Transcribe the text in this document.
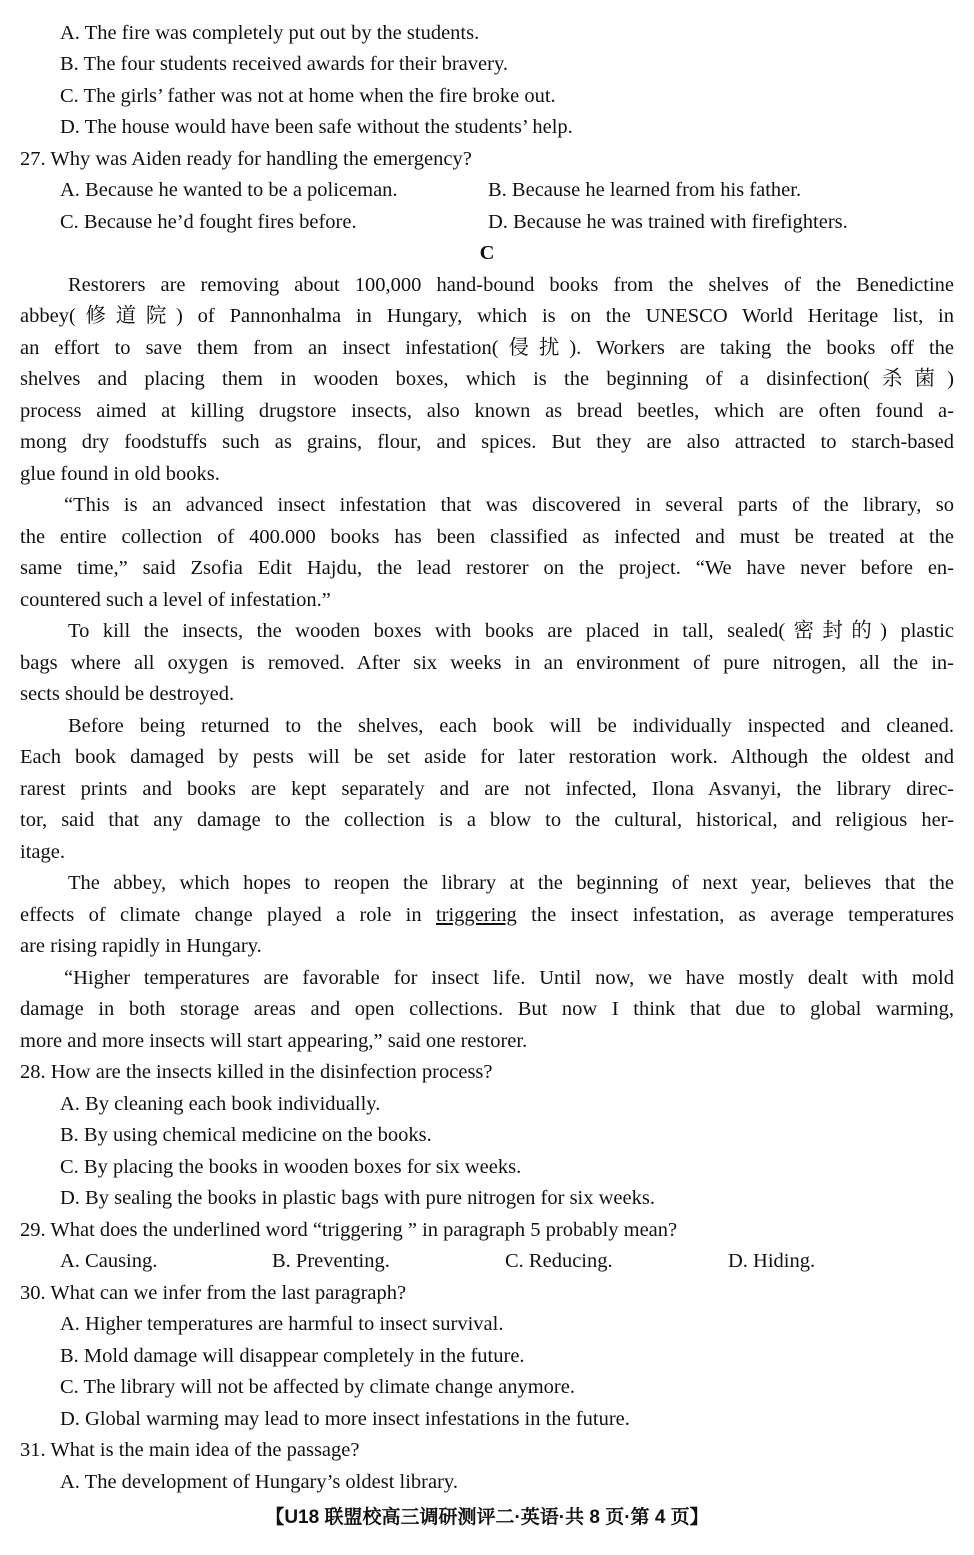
A. The fire was completely put out by the students.
B. The four students received awards for their bravery.
C. The girls’ father was not at home when the fire broke out.
D. The house would have been safe without the students’ help.
27. Why was Aiden ready for handling the emergency?
A. Because he wanted to be a policeman.	B. Because he learned from his father.
C. Because he’d fought fires before.	D. Because he was trained with firefighters.
C
Restorers are removing about 100,000 hand-bound books from the shelves of the Benedictine
abbey(修道院) of Pannonhalma in Hungary, which is on the UNESCO World Heritage list, in
an effort to save them from an insect infestation(侵扰). Workers are taking the books off the
shelves and placing them in wooden boxes, which is the beginning of a disinfection(杀菌)
process aimed at killing drugstore insects, also known as bread beetles, which are often found a-
mong dry foodstuffs such as grains, flour, and spices. But they are also attracted to starch-based
glue found in old books.
“This is an advanced insect infestation that was discovered in several parts of the library, so
the entire collection of 400.000 books has been classified as infected and must be treated at the
same time,” said Zsofia Edit Hajdu, the lead restorer on the project. “We have never before en-
countered such a level of infestation.”
To kill the insects, the wooden boxes with books are placed in tall, sealed(密封的) plastic
bags where all oxygen is removed. After six weeks in an environment of pure nitrogen, all the in-
sects should be destroyed.
Before being returned to the shelves, each book will be individually inspected and cleaned.
Each book damaged by pests will be set aside for later restoration work. Although the oldest and
rarest prints and books are kept separately and are not infected, Ilona Asvanyi, the library direc-
tor, said that any damage to the collection is a blow to the cultural, historical, and religious her-
itage.
The abbey, which hopes to reopen the library at the beginning of next year, believes that the
effects of climate change played a role in triggering the insect infestation, as average temperatures
are rising rapidly in Hungary.
“Higher temperatures are favorable for insect life. Until now, we have mostly dealt with mold
damage in both storage areas and open collections. But now I think that due to global warming,
more and more insects will start appearing,” said one restorer.
28. How are the insects killed in the disinfection process?
A. By cleaning each book individually.
B. By using chemical medicine on the books.
C. By placing the books in wooden boxes for six weeks.
D. By sealing the books in plastic bags with pure nitrogen for six weeks.
29. What does the underlined word “triggering ” in paragraph 5 probably mean?
A. Causing.	B. Preventing.	C. Reducing.	D. Hiding.
30. What can we infer from the last paragraph?
A. Higher temperatures are harmful to insect survival.
B. Mold damage will disappear completely in the future.
C. The library will not be affected by climate change anymore.
D. Global warming may lead to more insect infestations in the future.
31. What is the main idea of the passage?
A. The development of Hungary’s oldest library.
【U18 联盟校高三调研测评二·英语·共 8 页·第 4 页】
